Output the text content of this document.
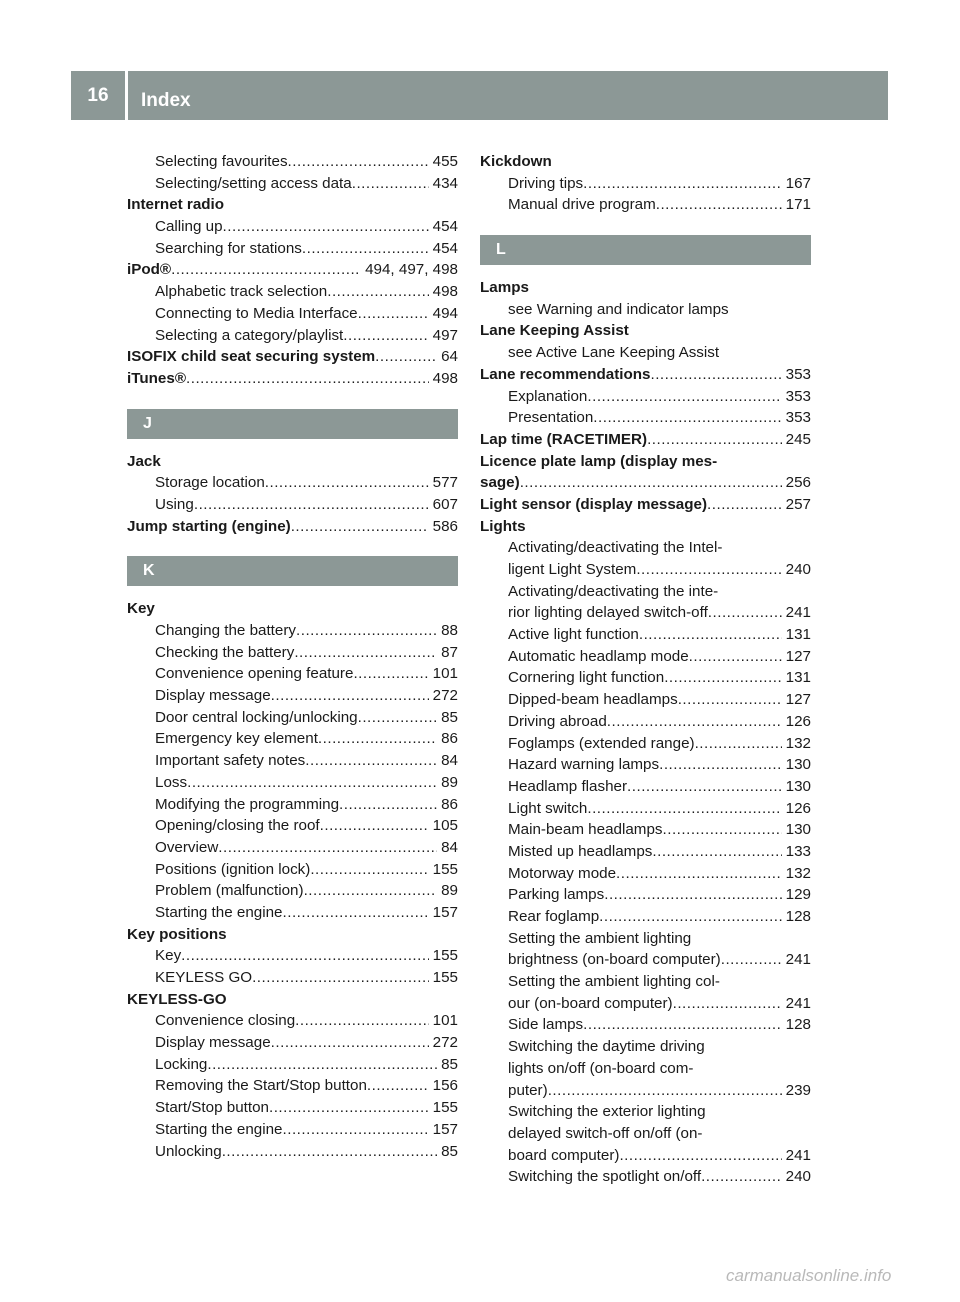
16	Index
Selecting favourites .....	455
Selecting/setting access data .....	434
Internet radio
Calling up .....	454
Searching for stations .....	454
iPod® .....	494, 497, 498
Alphabetic track selection .....	498
Connecting to Media Interface .....	494
Selecting a category/playlist .....	497
ISOFIX child seat securing system .....	64
iTunes® .....	498
J
Jack
Storage location .....	577
Using .....	607
Jump starting (engine) .....	586
K
Key
Changing the battery .....	88
Checking the battery .....	87
Convenience opening feature .....	101
Display message .....	272
Door central locking/unlocking .....	85
Emergency key element .....	86
Important safety notes .....	84
Loss .....	89
Modifying the programming .....	86
Opening/closing the roof .....	105
Overview .....	84
Positions (ignition lock) .....	155
Problem (malfunction) .....	89
Starting the engine .....	157
Key positions
Key .....	155
KEYLESS GO .....	155
KEYLESS-GO
Convenience closing .....	101
Display message .....	272
Locking .....	85
Removing the Start/Stop button .....	156
Start/Stop button .....	155
Starting the engine .....	157
Unlocking .....	85
Kickdown
Driving tips .....	167
Manual drive program .....	171
L
Lamps
see Warning and indicator lamps
Lane Keeping Assist
see Active Lane Keeping Assist
Lane recommendations .....	353
Explanation .....	353
Presentation .....	353
Lap time (RACETIMER) .....	245
Licence plate lamp (display mes-
sage) .....	256
Light sensor (display message) .....	257
Lights
Activating/deactivating the Intel-
ligent Light System .....	240
Activating/deactivating the inte-
rior lighting delayed switch-off .....	241
Active light function .....	131
Automatic headlamp mode .....	127
Cornering light function .....	131
Dipped-beam headlamps .....	127
Driving abroad .....	126
Foglamps (extended range) .....	132
Hazard warning lamps .....	130
Headlamp flasher .....	130
Light switch .....	126
Main-beam headlamps .....	130
Misted up headlamps .....	133
Motorway mode .....	132
Parking lamps .....	129
Rear foglamp .....	128
Setting the ambient lighting
brightness (on-board computer) .....	241
Setting the ambient lighting col-
our (on-board computer) .....	241
Side lamps .....	128
Switching the daytime driving
lights on/off (on-board com-
puter) .....	239
Switching the exterior lighting
delayed switch-off on/off (on-
board computer) .....	241
Switching the spotlight on/off .....	240
carmanualsonline.info
